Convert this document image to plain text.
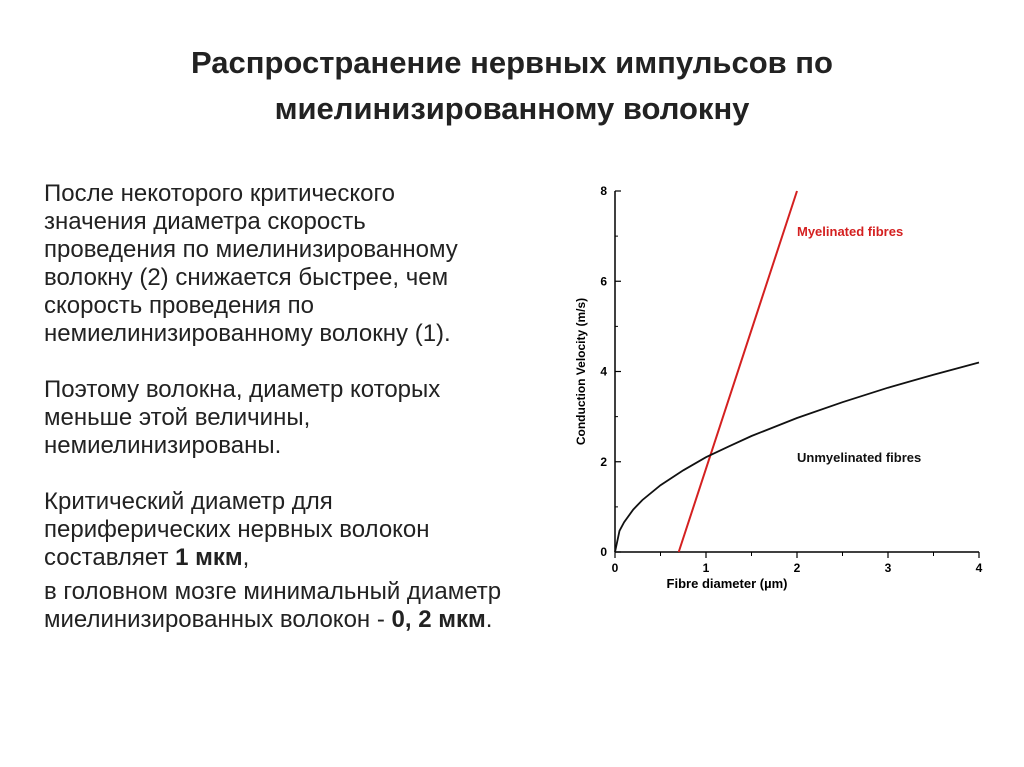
Распространение нервных импульсов по
миелинизированному волокну
После некоторого критического
значения диаметра скорость
проведения по миелинизированному
волокну (2) снижается быстрее, чем
скорость проведения по
немиелинизированному волокну (1).
Поэтому волокна, диаметр которых
меньше этой величины,
немиелинизированы.
Критический диаметр для
периферических нервных волокон
составляет 1 мкм,
в головном мозге минимальный диаметр
миелинизированных волокон - 0, 2 мкм.
0
2
4
6
8
Conduction Velocity (m/s)
0	1	2	3	4
Fibre diameter (µm)
Myelinated fibres
Unmyelinated fibres
